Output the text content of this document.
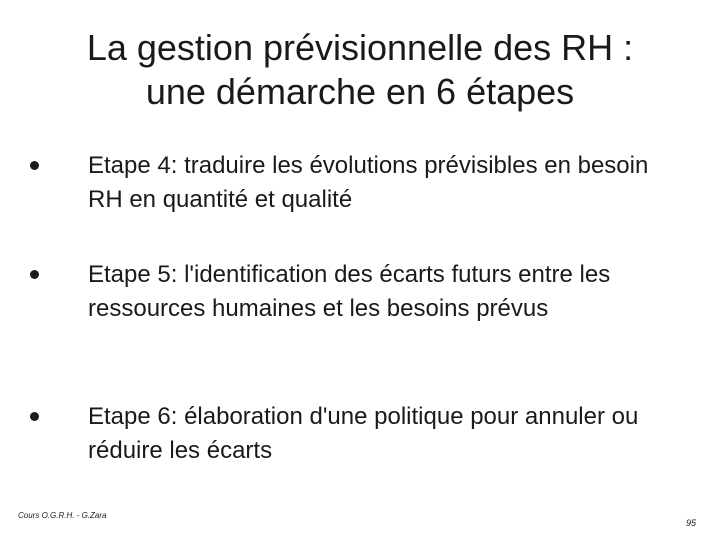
La gestion prévisionnelle des RH :
une démarche en 6 étapes
Etape 4: traduire les évolutions prévisibles en besoin RH en quantité et qualité
Etape 5: l'identification des écarts futurs entre les ressources humaines et les besoins prévus
Etape 6: élaboration d'une politique pour annuler ou réduire les écarts
Cours O.G.R.H. - G.Zara
95
